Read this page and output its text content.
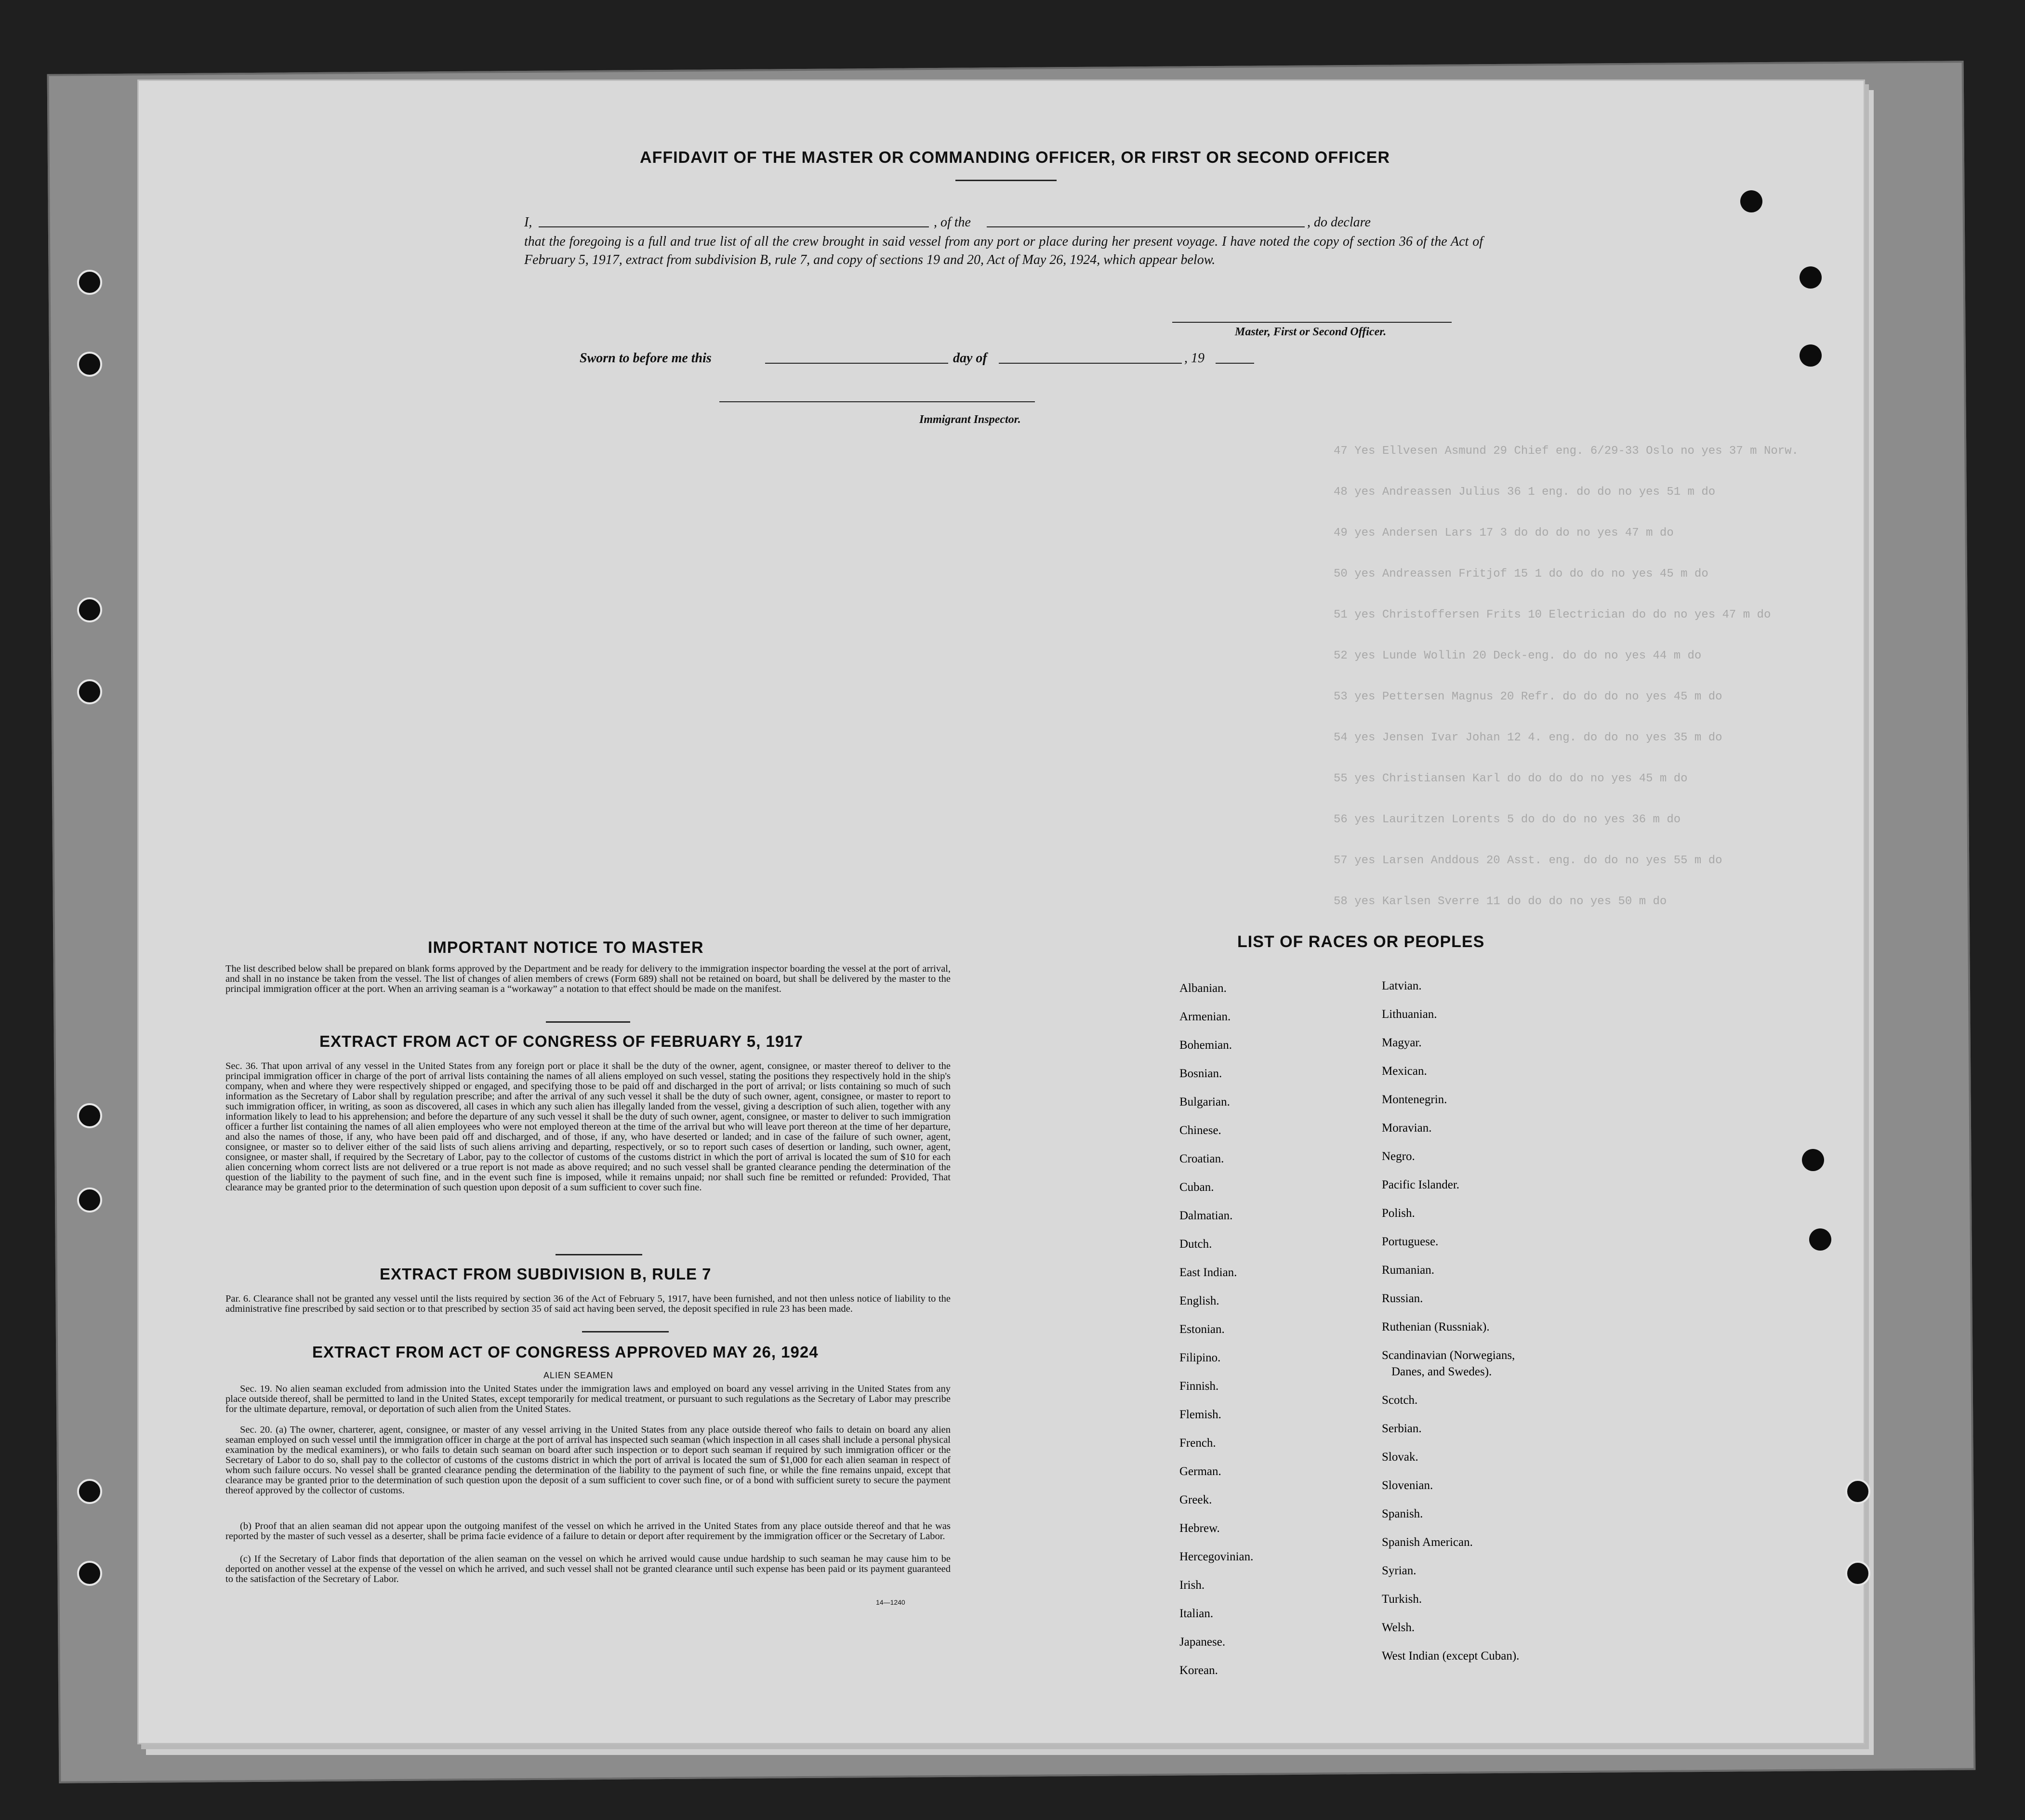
47 Yes Ellvesen Asmund 29 Chief eng. 6/29-33 Oslo no yes 37 m Norw.
48 yes Andreassen Julius 36 1 eng. do do no yes 51 m do
49 yes Andersen Lars 17 3 do do do no yes 47 m do
50 yes Andreassen Fritjof 15 1 do do do no yes 45 m do
51 yes Christoffersen Frits 10 Electrician do do no yes 47 m do
52 yes Lunde Wollin 20 Deck-eng. do do no yes 44 m do
53 yes Pettersen Magnus 20 Refr. do do do no yes 45 m do
54 yes Jensen Ivar Johan 12 4. eng. do do no yes 35 m do
55 yes Christiansen Karl do do do do no yes 45 m do
56 yes Lauritzen Lorents 5 do do do no yes 36 m do
57 yes Larsen Anddous 20 Asst. eng. do do no yes 55 m do
58 yes Karlsen Sverre 11 do do do no yes 50 m do
AFFIDAVIT OF THE MASTER OR COMMANDING OFFICER, OR FIRST OR SECOND OFFICER
I,	, of the	, do declare
that the foregoing is a full and true list of all the crew brought in said vessel from any port or place during her present voyage. I have noted the copy of section 36 of the Act of February 5, 1917, extract from subdivision B, rule 7, and copy of sections 19 and 20, Act of May 26, 1924, which appear below.
Master, First or Second Officer.
Sworn to before me this	day of	, 19
Immigrant Inspector.
IMPORTANT NOTICE TO MASTER
The list described below shall be prepared on blank forms approved by the Department and be ready for delivery to the immigration inspector boarding the vessel at the port of arrival, and shall in no instance be taken from the vessel. The list of changes of alien members of crews (Form 689) shall not be retained on board, but shall be delivered by the master to the principal immigration officer at the port. When an arriving seaman is a “workaway” a notation to that effect should be made on the manifest.
EXTRACT FROM ACT OF CONGRESS OF FEBRUARY 5, 1917
Sec. 36. That upon arrival of any vessel in the United States from any foreign port or place it shall be the duty of the owner, agent, consignee, or master thereof to deliver to the principal immigration officer in charge of the port of arrival lists containing the names of all aliens employed on such vessel, stating the positions they respectively hold in the ship's company, when and where they were respectively shipped or engaged, and specifying those to be paid off and discharged in the port of arrival; or lists containing so much of such information as the Secretary of Labor shall by regulation prescribe; and after the arrival of any such vessel it shall be the duty of such owner, agent, consignee, or master to report to such immigration officer, in writing, as soon as discovered, all cases in which any such alien has illegally landed from the vessel, giving a description of such alien, together with any information likely to lead to his apprehension; and before the departure of any such vessel it shall be the duty of such owner, agent, consignee, or master to deliver to such immigration officer a further list containing the names of all alien employees who were not employed thereon at the time of the arrival but who will leave port thereon at the time of her departure, and also the names of those, if any, who have been paid off and discharged, and of those, if any, who have deserted or landed; and in case of the failure of such owner, agent, consignee, or master so to deliver either of the said lists of such aliens arriving and departing, respectively, or so to report such cases of desertion or landing, such owner, agent, consignee, or master shall, if required by the Secretary of Labor, pay to the collector of customs of the customs district in which the port of arrival is located the sum of $10 for each alien concerning whom correct lists are not delivered or a true report is not made as above required; and no such vessel shall be granted clearance pending the determination of the question of the liability to the payment of such fine, and in the event such fine is imposed, while it remains unpaid; nor shall such fine be remitted or refunded: Provided, That clearance may be granted prior to the determination of such question upon deposit of a sum sufficient to cover such fine.
EXTRACT FROM SUBDIVISION B, RULE 7
Par. 6. Clearance shall not be granted any vessel until the lists required by section 36 of the Act of February 5, 1917, have been furnished, and not then unless notice of liability to the administrative fine prescribed by said section or to that prescribed by section 35 of said act having been served, the deposit specified in rule 23 has been made.
EXTRACT FROM ACT OF CONGRESS APPROVED MAY 26, 1924
ALIEN SEAMEN
Sec. 19. No alien seaman excluded from admission into the United States under the immigration laws and employed on board any vessel arriving in the United States from any place outside thereof, shall be permitted to land in the United States, except temporarily for medical treatment, or pursuant to such regulations as the Secretary of Labor may prescribe for the ultimate departure, removal, or deportation of such alien from the United States.
Sec. 20. (a) The owner, charterer, agent, consignee, or master of any vessel arriving in the United States from any place outside thereof who fails to detain on board any alien seaman employed on such vessel until the immigration officer in charge at the port of arrival has inspected such seaman (which inspection in all cases shall include a personal physical examination by the medical examiners), or who fails to detain such seaman on board after such inspection or to deport such seaman if required by such immigration officer or the Secretary of Labor to do so, shall pay to the collector of customs of the customs district in which the port of arrival is located the sum of $1,000 for each alien seaman in respect of whom such failure occurs. No vessel shall be granted clearance pending the determination of the liability to the payment of such fine, or while the fine remains unpaid, except that clearance may be granted prior to the determination of such question upon the deposit of a sum sufficient to cover such fine, or of a bond with sufficient surety to secure the payment thereof approved by the collector of customs.
(b) Proof that an alien seaman did not appear upon the outgoing manifest of the vessel on which he arrived in the United States from any place outside thereof and that he was reported by the master of such vessel as a deserter, shall be prima facie evidence of a failure to detain or deport after requirement by the immigration officer or the Secretary of Labor.
(c) If the Secretary of Labor finds that deportation of the alien seaman on the vessel on which he arrived would cause undue hardship to such seaman he may cause him to be deported on another vessel at the expense of the vessel on which he arrived, and such vessel shall not be granted clearance until such expense has been paid or its payment guaranteed to the satisfaction of the Secretary of Labor.
14—1240
LIST OF RACES OR PEOPLES
Albanian.
Armenian.
Bohemian.
Bosnian.
Bulgarian.
Chinese.
Croatian.
Cuban.
Dalmatian.
Dutch.
East Indian.
English.
Estonian.
Filipino.
Finnish.
Flemish.
French.
German.
Greek.
Hebrew.
Hercegovinian.
Irish.
Italian.
Japanese.
Korean.
Latvian.
Lithuanian.
Magyar.
Mexican.
Montenegrin.
Moravian.
Negro.
Pacific Islander.
Polish.
Portuguese.
Rumanian.
Russian.
Ruthenian (Russniak).
Scandinavian (Norwegians,
Danes, and Swedes).
Scotch.
Serbian.
Slovak.
Slovenian.
Spanish.
Spanish American.
Syrian.
Turkish.
Welsh.
West Indian (except Cuban).
